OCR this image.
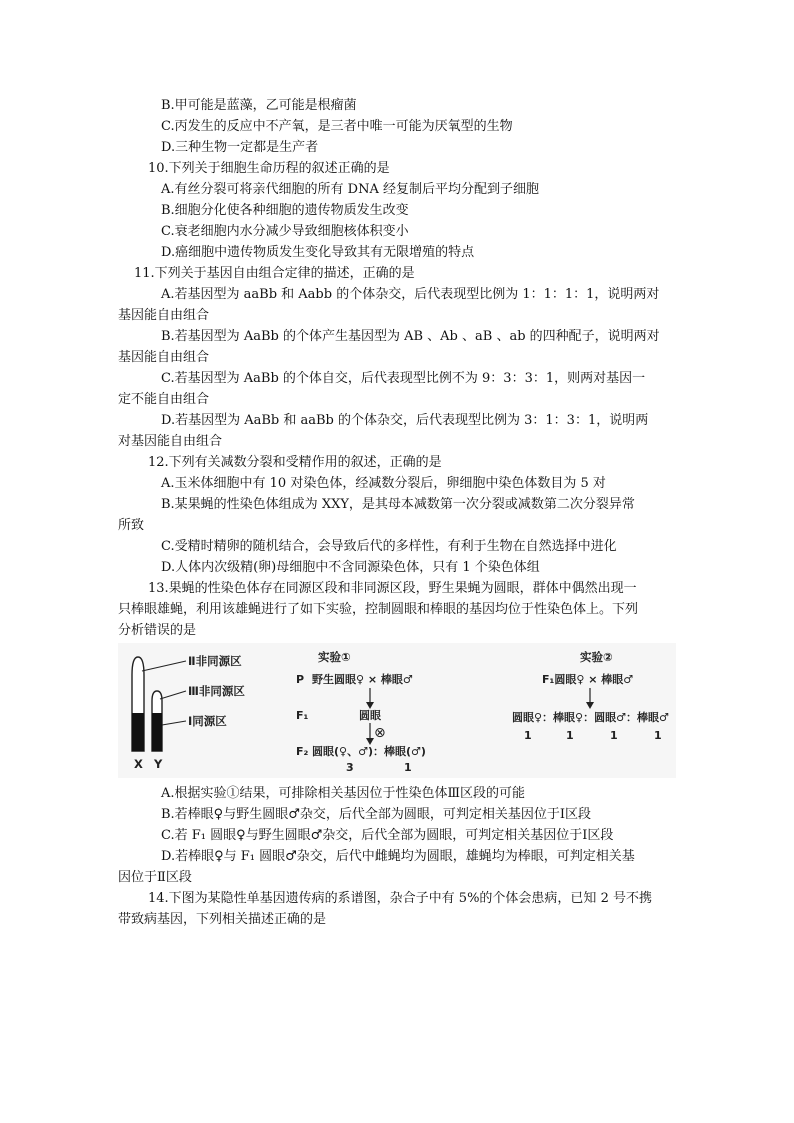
B.甲可能是蓝藻，乙可能是根瘤菌
C.丙发生的反应中不产氧，是三者中唯一可能为厌氧型的生物
D.三种生物一定都是生产者
10.下列关于细胞生命历程的叙述正确的是
A.有丝分裂可将亲代细胞的所有 DNA 经复制后平均分配到子细胞
B.细胞分化使各种细胞的遗传物质发生改变
C.衰老细胞内水分减少导致细胞核体积变小
D.癌细胞中遗传物质发生变化导致其有无限增殖的特点
11.下列关于基因自由组合定律的描述，正确的是
A.若基因型为 aaBb 和 Aabb 的个体杂交，后代表现型比例为 1：1：1：1，说明两对
基因能自由组合
B.若基因型为 AaBb 的个体产生基因型为 AB 、Ab 、aB 、ab 的四种配子，说明两对
基因能自由组合
C.若基因型为 AaBb 的个体自交，后代表现型比例不为 9：3：3：1，则两对基因一
定不能自由组合
D.若基因型为 AaBb 和 aaBb 的个体杂交，后代表现型比例为 3：1：3：1，说明两
对基因能自由组合
12.下列有关减数分裂和受精作用的叙述，正确的是
A.玉米体细胞中有 10 对染色体，经减数分裂后，卵细胞中染色体数目为 5 对
B.某果蝇的性染色体组成为 XXY，是其母本减数第一次分裂或减数第二次分裂异常
所致
C.受精时精卵的随机结合，会导致后代的多样性，有利于生物在自然选择中进化
D.人体内次级精(卵)母细胞中不含同源染色体，只有 1 个染色体组
13.果蝇的性染色体存在同源区段和非同源区段，野生果蝇为圆眼，群体中偶然出现一
只棒眼雄蝇，利用该雄蝇进行了如下实验，控制圆眼和棒眼的基因均位于性染色体上。下列
分析错误的是
Ⅱ非同源区
Ⅲ非同源区
Ⅰ同源区
X Y
实验①
P 野生圆眼♀ × 棒眼♂
F₁	圆眼
⊗
F₂ 圆眼(♀、♂)：棒眼(♂)
3	1
实验②
F₁圆眼♀ × 棒眼♂
圆眼♀：棒眼♀：圆眼♂：棒眼♂
1	1	1	1
A.根据实验①结果，可排除相关基因位于性染色体Ⅲ区段的可能
B.若棒眼♀与野生圆眼♂杂交，后代全部为圆眼，可判定相关基因位于Ⅰ区段
C.若 F₁ 圆眼♀与野生圆眼♂杂交，后代全部为圆眼，可判定相关基因位于Ⅰ区段
D.若棒眼♀与 F₁ 圆眼♂杂交，后代中雌蝇均为圆眼，雄蝇均为棒眼，可判定相关基
因位于Ⅱ区段
14.下图为某隐性单基因遗传病的系谱图，杂合子中有 5%的个体会患病，已知 2 号不携
带致病基因，下列相关描述正确的是
